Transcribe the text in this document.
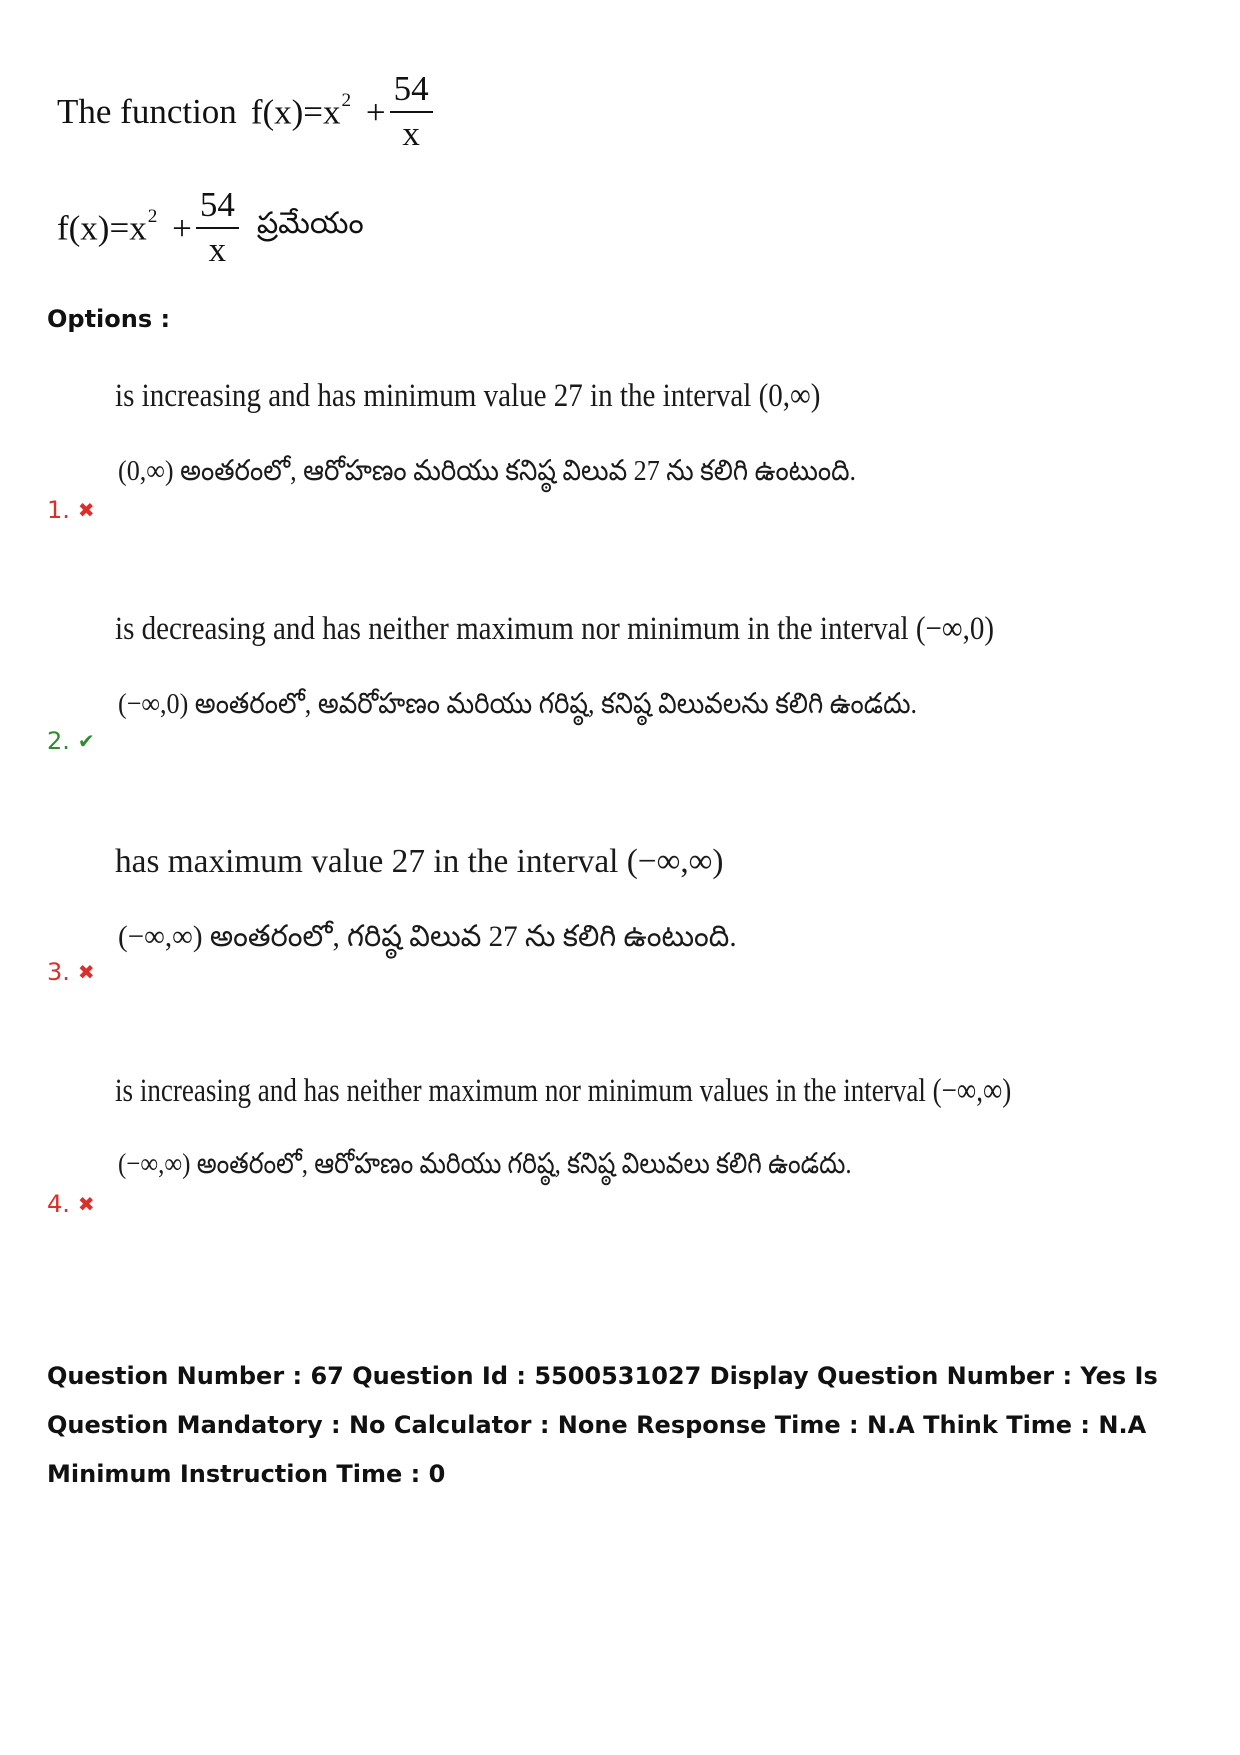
The function $f(x)=x^2 + \frac{54}{x}$
$f(x)=x^2 + \frac{54}{x}$ ప్రమేయం
Options :
is increasing and has minimum value 27 in the interval (0,∞)
(0,∞) అంతరంలో, ఆరోహణం మరియు కనిష్ఠ విలువ 27 ను కలిగి ఉంటుంది.
1. ✖
is decreasing and has neither maximum nor minimum in the interval (−∞,0)
(−∞,0) అంతరంలో, అవరోహణం మరియు గరిష్ఠ, కనిష్ఠ విలువలను కలిగి ఉండదు.
2. ✔
has maximum value 27 in the interval (−∞,∞)
(−∞,∞) అంతరంలో, గరిష్ఠ విలువ 27 ను కలిగి ఉంటుంది.
3. ✖
is increasing and has neither maximum nor minimum values in the interval (−∞,∞)
(−∞,∞) అంతరంలో, ఆరోహణం మరియు గరిష్ఠ, కనిష్ఠ విలువలు కలిగి ఉండదు.
4. ✖
Question Number : 67 Question Id : 5500531027 Display Question Number : Yes Is Question Mandatory : No Calculator : None Response Time : N.A Think Time : N.A Minimum Instruction Time : 0
